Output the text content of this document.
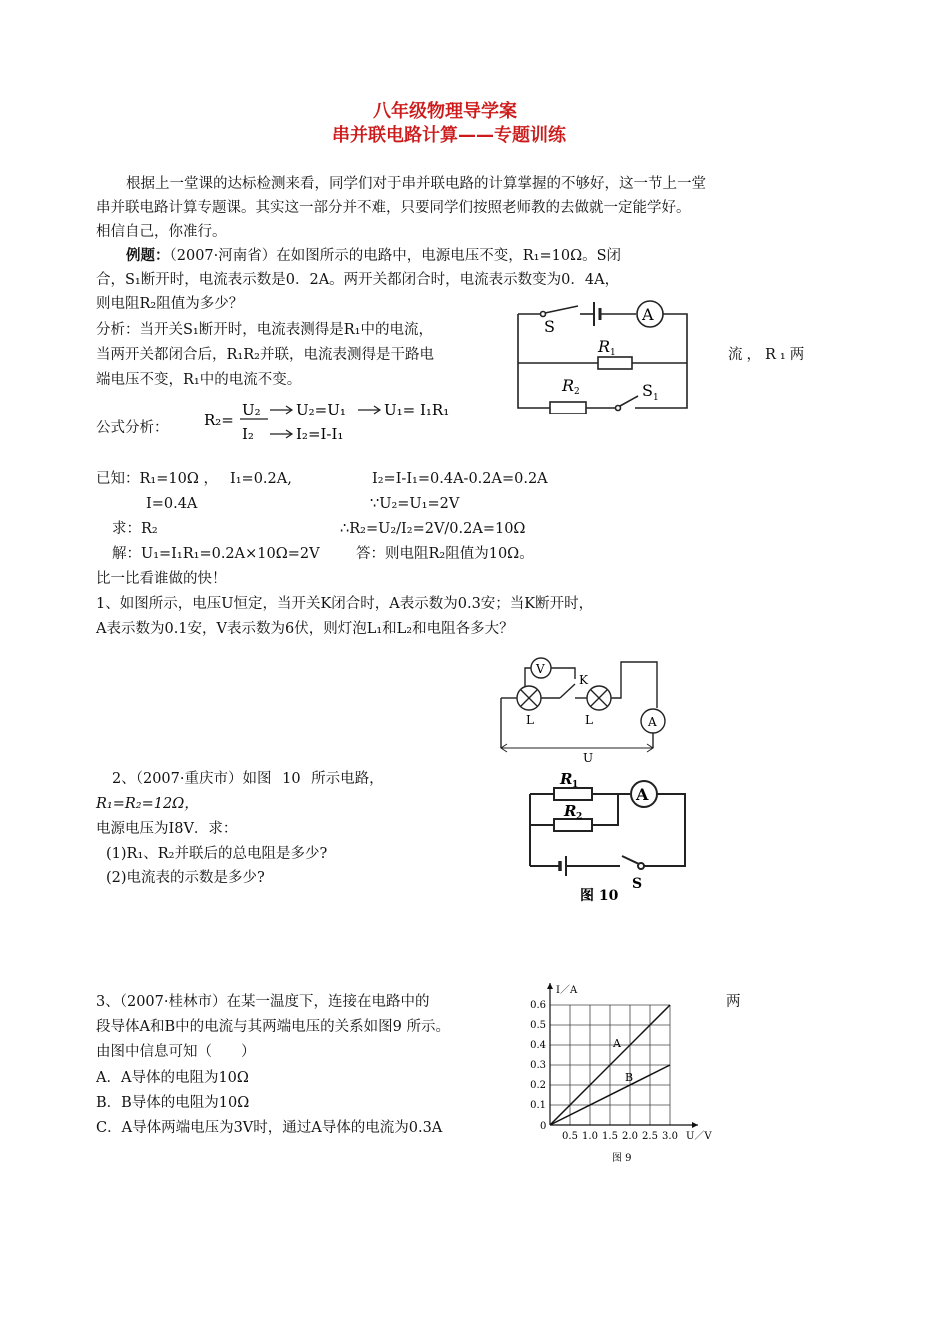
八年级物理导学案
串并联电路计算——专题训练
根据上一堂课的达标检测来看，同学们对于串并联电路的计算掌握的不够好，这一节上一堂
串并联电路计算专题课。其实这一部分并不难，只要同学们按照老师教的去做就一定能学好。
相信自己，你准行。
例题：（2007·河南省）在如图所示的电路中，电源电压不变，R₁=10Ω。S闭
合，S₁断开时，电流表示数是0．2A。两开关都闭合时，电流表示数变为0．4A，
则电阻R₂阻值为多少？
分析：当开关S₁断开时，电流表测得是R₁中的电流，
当两开关都闭合后，R₁R₂并联，电流表测得是干路电	流，R₁两
端电压不变，R₁中的电流不变。
S
A
R 1
R 2	S 1
公式分析： R₂=
U₂
I₂
U₂=U₁	U₁= I₁R₁
I₂=I-I₁
已知：R₁=10Ω ， I₁=0.2A,	I₂=I-I₁=0.4A-0.2A=0.2A
I=0.4A	∵U₂=U₁=2V
求：R₂	∴R₂=U₂/I₂=2V/0.2A=10Ω
解：U₁=I₁R₁=0.2A×10Ω=2V	答：则电阻R₂阻值为10Ω。
比一比看谁做的快！
1、如图所示，电压U恒定，当开关K闭合时，A表示数为0.3安；当K断开时，
A表示数为0.1安，V表示数为6伏，则灯泡L₁和L₂和电阻各多大？
V
K
L	L	A
U
2、（2007·重庆市）如图 10 所示电路，
R₁=R₂=12Ω，
电源电压为I8V．求：
(1)R₁、R₂并联后的总电阻是多少?
(2)电流表的示数是多少?
R 1
R 2
A
S
图 10
3、（2007·桂林市）在某一温度下，连接在电路中的	两
段导体A和B中的电流与其两端电压的关系如图9 所示。
由图中信息可知（　　）
A．A导体的电阻为10Ω
B．B导体的电阻为10Ω
C．A导体两端电压为3V时，通过A导体的电流为0.3A
0.5 1.0 1.5 2.0 2.5 3.0
0.1
0.2
0.3
0.4
0.5
0.6
0
U／V
I／A
图 9
A
B
